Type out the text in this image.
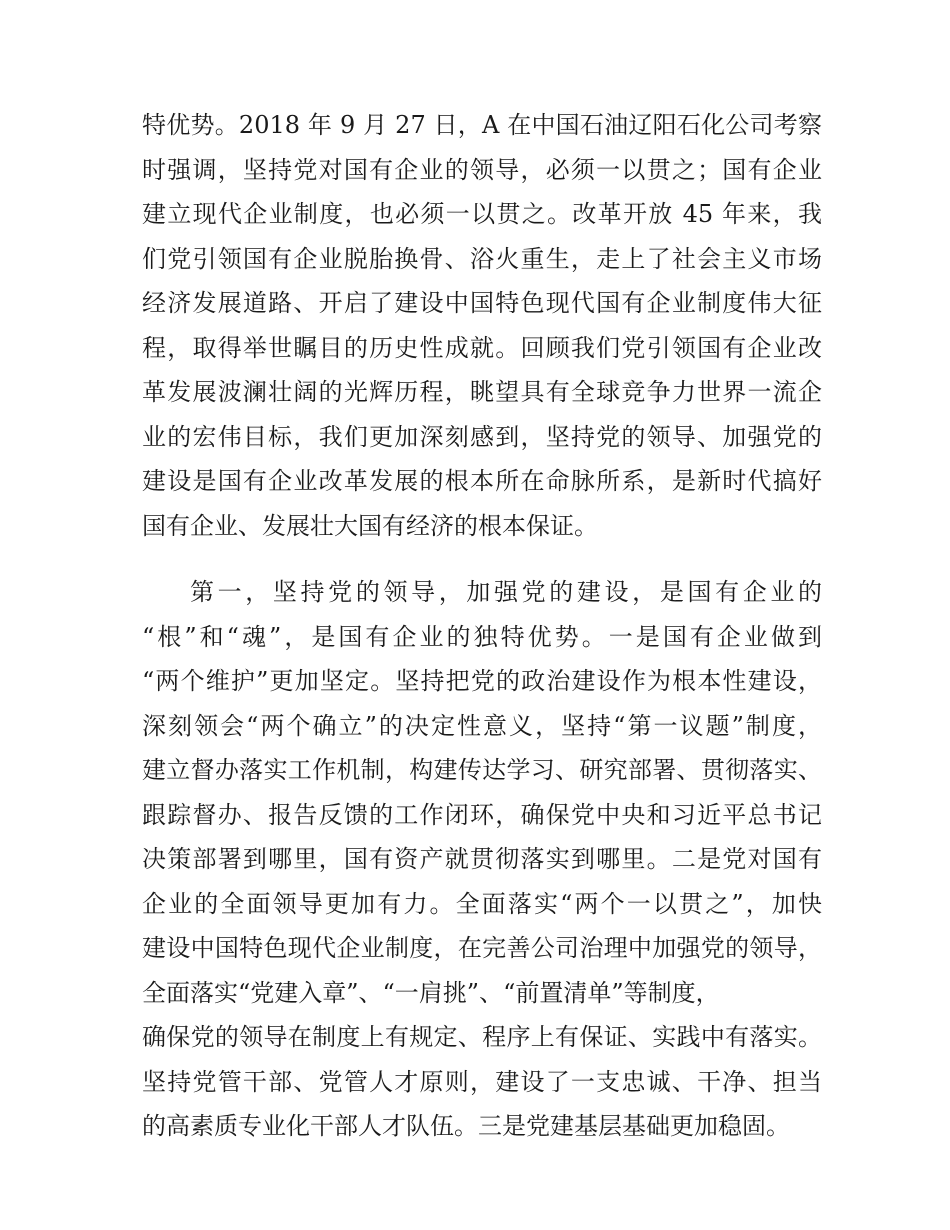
特优势。2018 年 9 月 27 日，A 在中国石油辽阳石化公司考察
时强调，坚持党对国有企业的领导，必须一以贯之；国有企业
建立现代企业制度，也必须一以贯之。改革开放 45 年来，我
们党引领国有企业脱胎换骨、浴火重生，走上了社会主义市场
经济发展道路、开启了建设中国特色现代国有企业制度伟大征
程，取得举世瞩目的历史性成就。回顾我们党引领国有企业改
革发展波澜壮阔的光辉历程，眺望具有全球竞争力世界一流企
业的宏伟目标，我们更加深刻感到，坚持党的领导、加强党的
建设是国有企业改革发展的根本所在命脉所系，是新时代搞好
国有企业、发展壮大国有经济的根本保证。
第一，坚持党的领导，加强党的建设，是国有企业的
“根”和“魂”，是国有企业的独特优势。一是国有企业做到
“两个维护”更加坚定。坚持把党的政治建设作为根本性建设，
深刻领会“两个确立”的决定性意义，坚持“第一议题”制度，
建立督办落实工作机制，构建传达学习、研究部署、贯彻落实、
跟踪督办、报告反馈的工作闭环，确保党中央和习近平总书记
决策部署到哪里，国有资产就贯彻落实到哪里。二是党对国有
企业的全面领导更加有力。全面落实“两个一以贯之”，加快
建设中国特色现代企业制度，在完善公司治理中加强党的领导，
全面落实“党建入章”、“一肩挑”、“前置清单”等制度，
确保党的领导在制度上有规定、程序上有保证、实践中有落实。
坚持党管干部、党管人才原则，建设了一支忠诚、干净、担当
的高素质专业化干部人才队伍。三是党建基层基础更加稳固。
